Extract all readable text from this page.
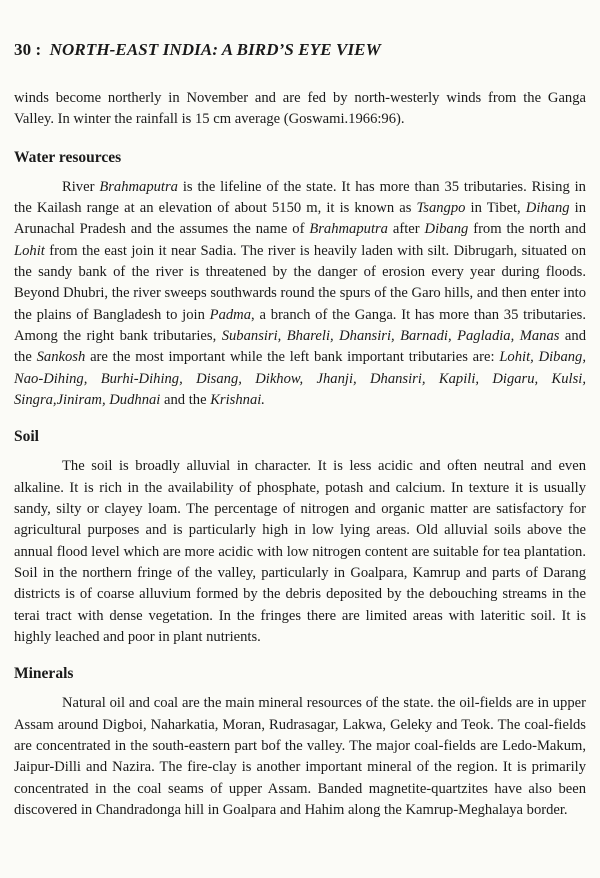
30 : NORTH-EAST INDIA: A BIRD’S EYE VIEW

winds become northerly in November and are fed by north-westerly winds from the Ganga Valley. In winter the rainfall is 15 cm average (Goswami.1966:96).

Water resources

River Brahmaputra is the lifeline of the state. It has more than 35 tributaries. Rising in the Kailash range at an elevation of about 5150 m, it is known as Tsangpo in Tibet, Dihang in Arunachal Pradesh and the assumes the name of Brahmaputra after Dibang from the north and Lohit from the east join it near Sadia. The river is heavily laden with silt. Dibrugarh, situated on the sandy bank of the river is threatened by the danger of erosion every year during floods. Beyond Dhubri, the river sweeps southwards round the spurs of the Garo hills, and then enter into the plains of Bangladesh to join Padma, a branch of the Ganga. It has more than 35 tributaries. Among the right bank tributaries, Subansiri, Bhareli, Dhansiri, Barnadi, Pagladia, Manas and the Sankosh are the most important while the left bank important tributaries are: Lohit, Dibang, Nao-Dihing, Burhi-Dihing, Disang, Dikhow, Jhanji, Dhansiri, Kapili, Digaru, Kulsi, Singra,Jiniram, Dudhnai and the Krishnai.

Soil

The soil is broadly alluvial in character. It is less acidic and often neutral and even alkaline. It is rich in the availability of phosphate, potash and calcium. In texture it is usually sandy, silty or clayey loam. The percentage of nitrogen and organic matter are satisfactory for agricultural purposes and is particularly high in low lying areas. Old alluvial soils above the annual flood level which are more acidic with low nitrogen content are suitable for tea plantation. Soil in the northern fringe of the valley, particularly in Goalpara, Kamrup and parts of Darang districts is of coarse alluvium formed by the debris deposited by the debouching streams in the terai tract with dense vegetation. In the fringes there are limited areas with lateritic soil. It is highly leached and poor in plant nutrients.

Minerals

Natural oil and coal are the main mineral resources of the state. the oil-fields are in upper Assam around Digboi, Naharkatia, Moran, Rudrasagar, Lakwa, Geleky and Teok. The coal-fields are concentrated in the south-eastern part bof the valley. The major coal-fields are Ledo-Makum, Jaipur-Dilli and Nazira. The fire-clay is another important mineral of the region. It is primarily concentrated in the coal seams of upper Assam. Banded magnetite-quartzites have also been discovered in Chandradonga hill in Goalpara and Hahim along the Kamrup-Meghalaya border.
